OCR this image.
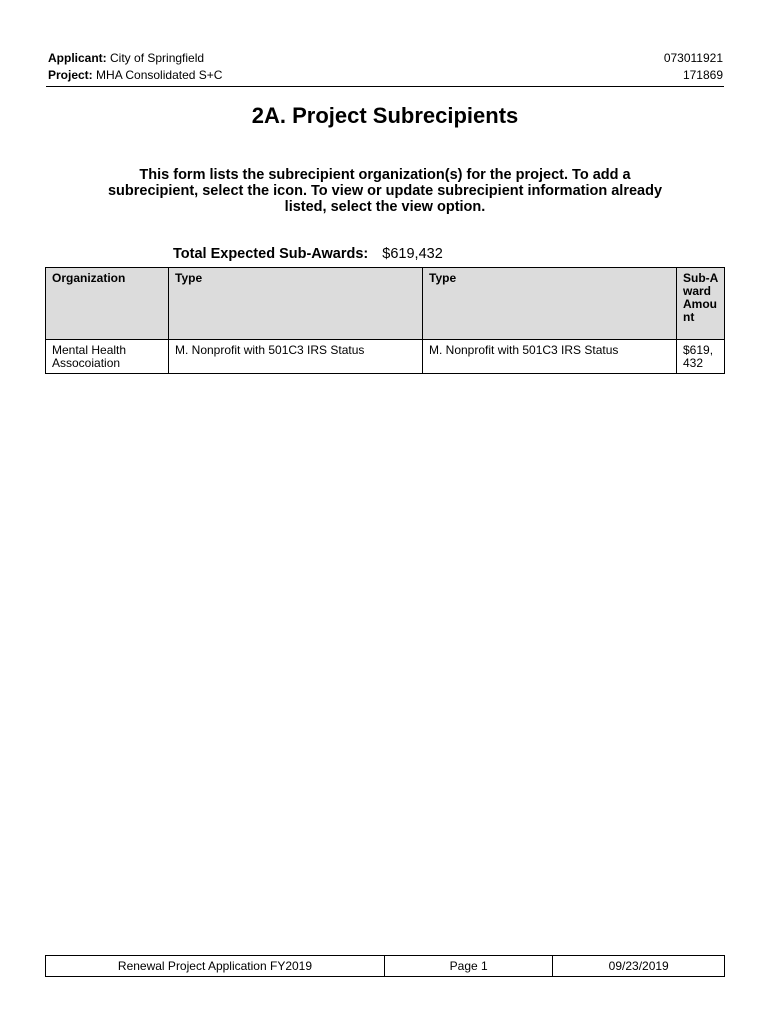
Applicant: City of Springfield
Project: MHA Consolidated S+C
073011921
171869
2A. Project Subrecipients
This form lists the subrecipient organization(s) for the project. To add a subrecipient, select the icon. To view or update subrecipient information already listed, select the view option.
Total Expected Sub-Awards: $619,432
Organization	Type	Type	Sub-Award Amount
Mental Health Assocoiation	M. Nonprofit with 501C3 IRS Status	M. Nonprofit with 501C3 IRS Status	$619,432
Renewal Project Application FY2019	Page 1	09/23/2019
